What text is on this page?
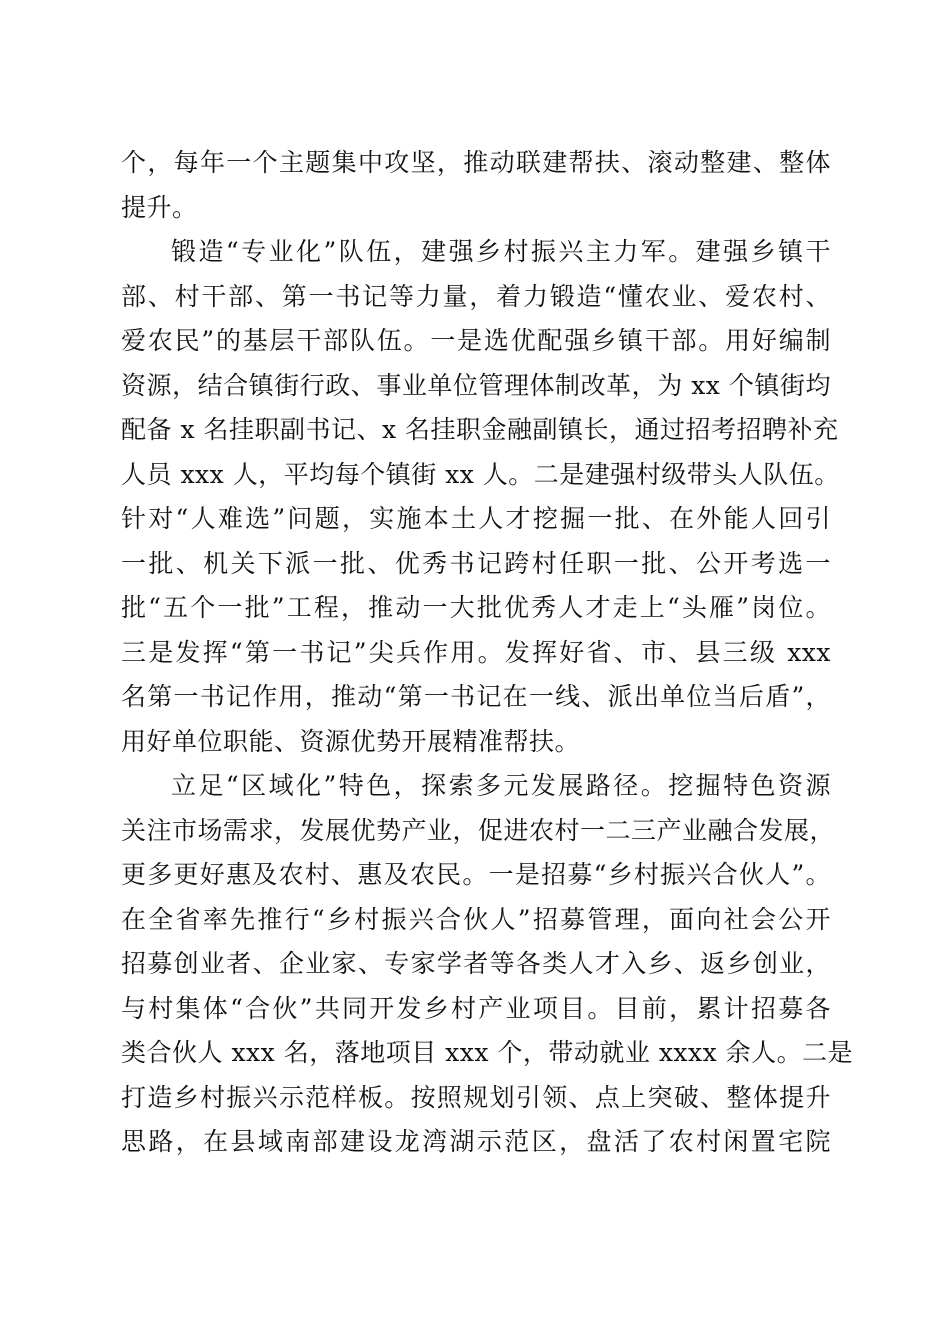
个，每年一个主题集中攻坚，推动联建帮扶、滚动整建、整体
提升。
锻造“专业化”队伍，建强乡村振兴主力军。建强乡镇干
部、村干部、第一书记等力量，着力锻造“懂农业、爱农村、
爱农民”的基层干部队伍。一是选优配强乡镇干部。用好编制
资源，结合镇街行政、事业单位管理体制改革，为 xx 个镇街均
配备 x 名挂职副书记、x 名挂职金融副镇长，通过招考招聘补充
人员 xxx 人，平均每个镇街 xx 人。二是建强村级带头人队伍。
针对“人难选”问题，实施本土人才挖掘一批、在外能人回引
一批、机关下派一批、优秀书记跨村任职一批、公开考选一
批“五个一批”工程，推动一大批优秀人才走上“头雁”岗位。
三是发挥“第一书记”尖兵作用。发挥好省、市、县三级 xxx
名第一书记作用，推动“第一书记在一线、派出单位当后盾”，
用好单位职能、资源优势开展精准帮扶。
立足“区域化”特色，探索多元发展路径。挖掘特色资源
关注市场需求，发展优势产业，促进农村一二三产业融合发展，
更多更好惠及农村、惠及农民。一是招募“乡村振兴合伙人”。
在全省率先推行“乡村振兴合伙人”招募管理，面向社会公开
招募创业者、企业家、专家学者等各类人才入乡、返乡创业，
与村集体“合伙”共同开发乡村产业项目。目前，累计招募各
类合伙人 xxx 名，落地项目 xxx 个，带动就业 xxxx 余人。二是
打造乡村振兴示范样板。按照规划引领、点上突破、整体提升
思路，在县域南部建设龙湾湖示范区，盘活了农村闲置宅院
